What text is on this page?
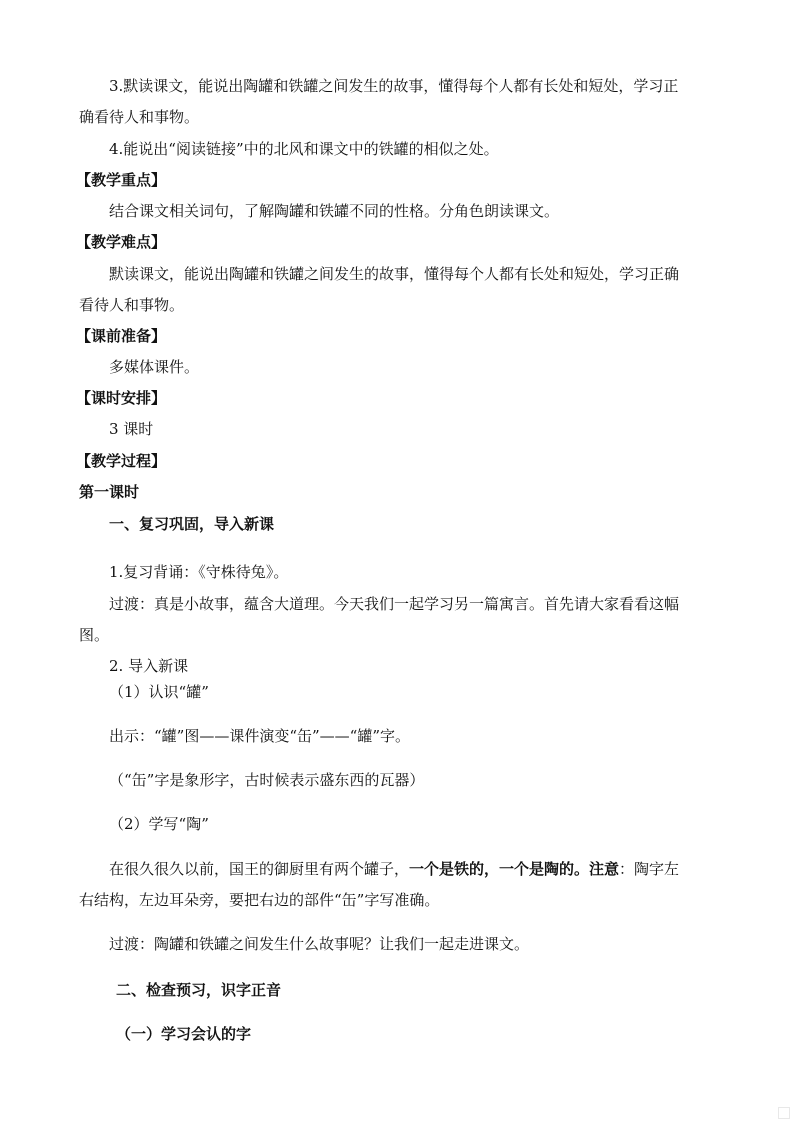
3.默读课文，能说出陶罐和铁罐之间发生的故事，懂得每个人都有长处和短处，学习正
确看待人和事物。
4.能说出“阅读链接”中的北风和课文中的铁罐的相似之处。
【教学重点】
结合课文相关词句，了解陶罐和铁罐不同的性格。分角色朗读课文。
【教学难点】
默读课文，能说出陶罐和铁罐之间发生的故事，懂得每个人都有长处和短处，学习正确
看待人和事物。
【课前准备】
多媒体课件。
【课时安排】
3 课时
【教学过程】
第一课时
一、复习巩固，导入新课
1.复习背诵：《守株待兔》。
过渡：真是小故事，蕴含大道理。今天我们一起学习另一篇寓言。首先请大家看看这幅
图。
2. 导入新课
（1）认识“罐”
出示：“罐”图——课件演变“缶”——“罐”字。
（“缶”字是象形字，古时候表示盛东西的瓦器）
（2）学写“陶”
在很久很久以前，国王的御厨里有两个罐子，一个是铁的，一个是陶的。注意：陶字左
右结构，左边耳朵旁，要把右边的部件“缶”字写准确。
过渡：陶罐和铁罐之间发生什么故事呢？让我们一起走进课文。
二、检查预习，识字正音
（一）学习会认的字
